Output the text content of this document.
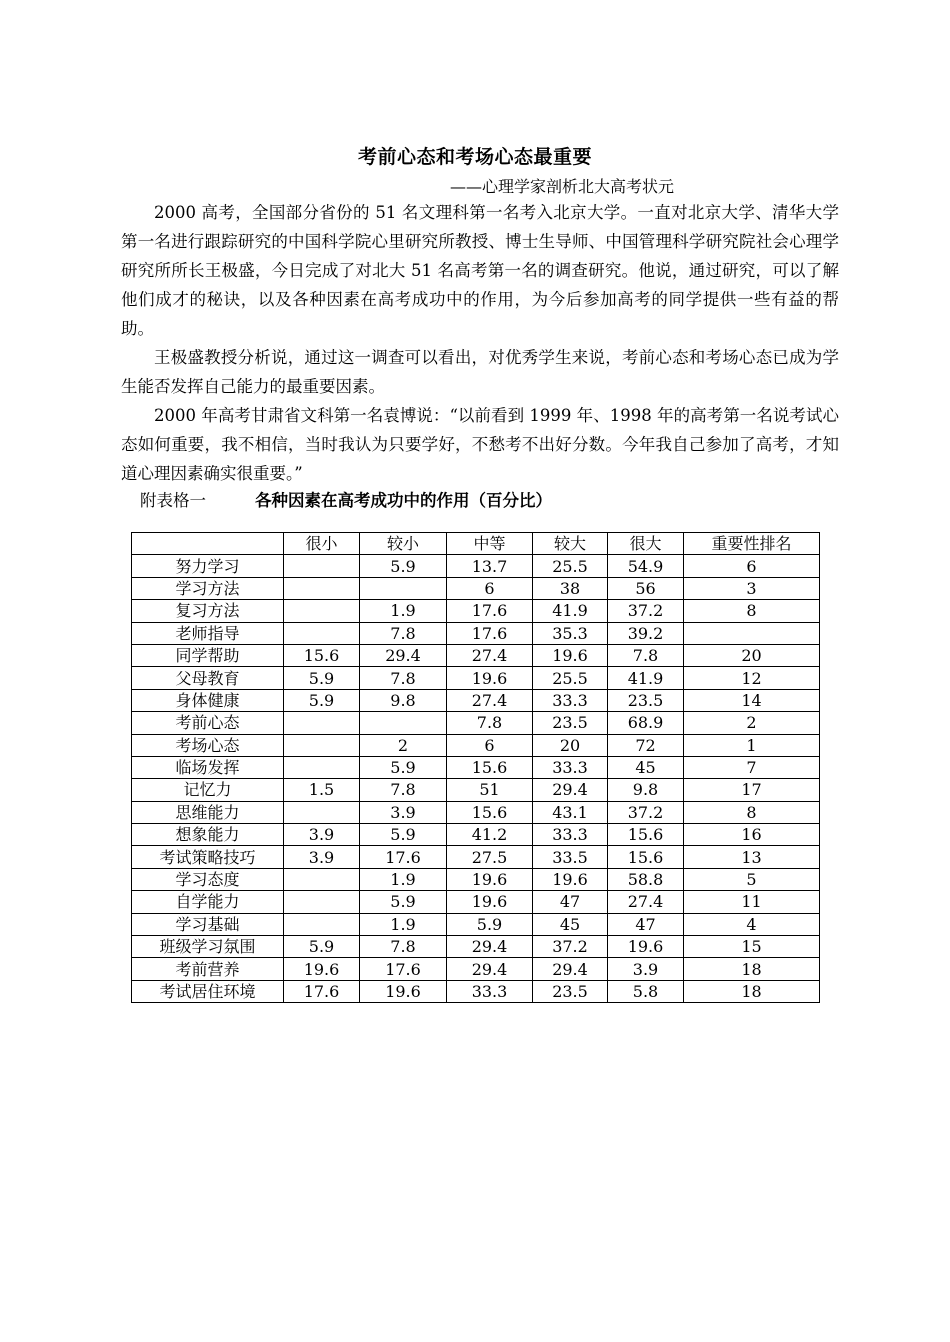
考前心态和考场心态最重要
——心理学家剖析北大高考状元

2000 高考，全国部分省份的 51 名文理科第一名考入北京大学。一直对北京大学、清华大学第一名进行跟踪研究的中国科学院心里研究所教授、博士生导师、中国管理科学研究院社会心理学研究所所长王极盛，今日完成了对北大 51 名高考第一名的调查研究。他说，通过研究，可以了解他们成才的秘诀，以及各种因素在高考成功中的作用，为今后参加高考的同学提供一些有益的帮助。

王极盛教授分析说，通过这一调查可以看出，对优秀学生来说，考前心态和考场心态已成为学生能否发挥自己能力的最重要因素。

2000 年高考甘肃省文科第一名袁博说：“以前看到 1999 年、1998 年的高考第一名说考试心态如何重要，我不相信，当时我认为只要学好，不愁考不出好分数。今年我自己参加了高考，才知道心理因素确实很重要。”

附表格一	各种因素在高考成功中的作用（百分比）
	很小	较小	中等	较大	很大	重要性排名
努力学习		5.9	13.7	25.5	54.9	6
学习方法			6	38	56	3
复习方法		1.9	17.6	41.9	37.2	8
老师指导		7.8	17.6	35.3	39.2	
同学帮助	15.6	29.4	27.4	19.6	7.8	20
父母教育	5.9	7.8	19.6	25.5	41.9	12
身体健康	5.9	9.8	27.4	33.3	23.5	14
考前心态			7.8	23.5	68.9	2
考场心态		2	6	20	72	1
临场发挥		5.9	15.6	33.3	45	7
记忆力	1.5	7.8	51	29.4	9.8	17
思维能力		3.9	15.6	43.1	37.2	8
想象能力	3.9	5.9	41.2	33.3	15.6	16
考试策略技巧	3.9	17.6	27.5	33.5	15.6	13
学习态度		1.9	19.6	19.6	58.8	5
自学能力		5.9	19.6	47	27.4	11
学习基础		1.9	5.9	45	47	4
班级学习氛围	5.9	7.8	29.4	37.2	19.6	15
考前营养	19.6	17.6	29.4	29.4	3.9	18
考试居住环境	17.6	19.6	33.3	23.5	5.8	18
